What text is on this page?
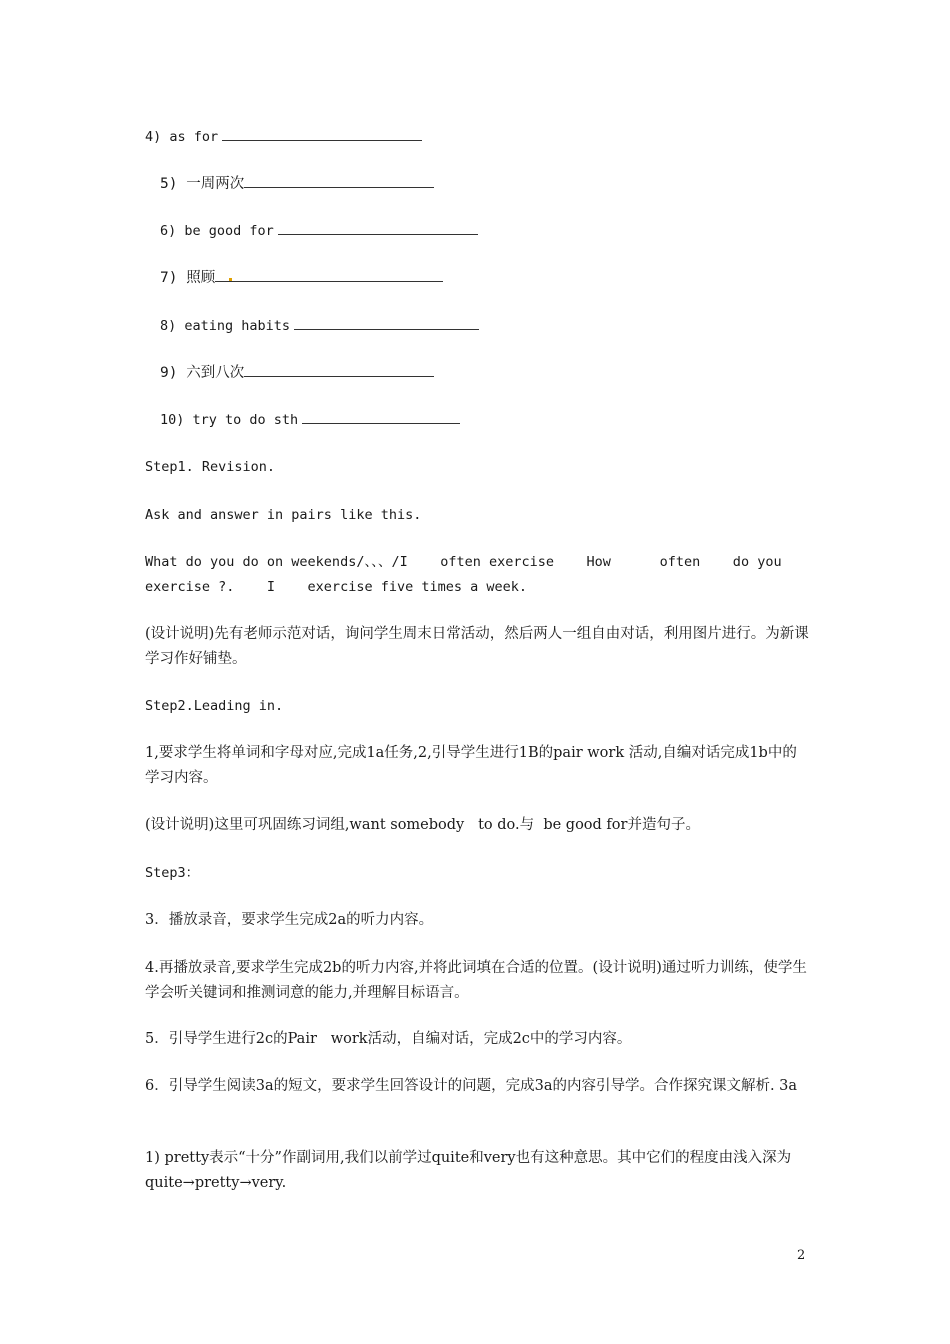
4) as for
5) 一周两次
6) be good for
7) 照顾
8) eating habits
9) 六到八次
10) try to do sth
Step1. Revision.
Ask and answer in pairs like this.
What do you do on weekends/、、、/I    often exercise    How      often    do you
exercise ?.    I    exercise five times a week.
(设计说明)先有老师示范对话，询问学生周末日常活动，然后两人一组自由对话，利用图片进行。为新课学习作好铺垫。
Step2.Leading in.
1,要求学生将单词和字母对应,完成1a任务,2,引导学生进行1B的pair work 活动,自编对话完成1b中的学习内容。
(设计说明)这里可巩固练习词组,want somebody   to do.与  be good for并造句子。
Step3：
3．播放录音，要求学生完成2a的听力内容。
4.再播放录音,要求学生完成2b的听力内容,并将此词填在合适的位置。(设计说明)通过听力训练，使学生学会听关键词和推测词意的能力,并理解目标语言。
5．引导学生进行2c的Pair   work活动，自编对话，完成2c中的学习内容。
6．引导学生阅读3a的短文，要求学生回答设计的问题，完成3a的内容引导学。合作探究课文解析. 3a
1) pretty表示“十分”作副词用,我们以前学过quite和very也有这种意思。其中它们的程度由浅入深为quite→pretty→very.
2
